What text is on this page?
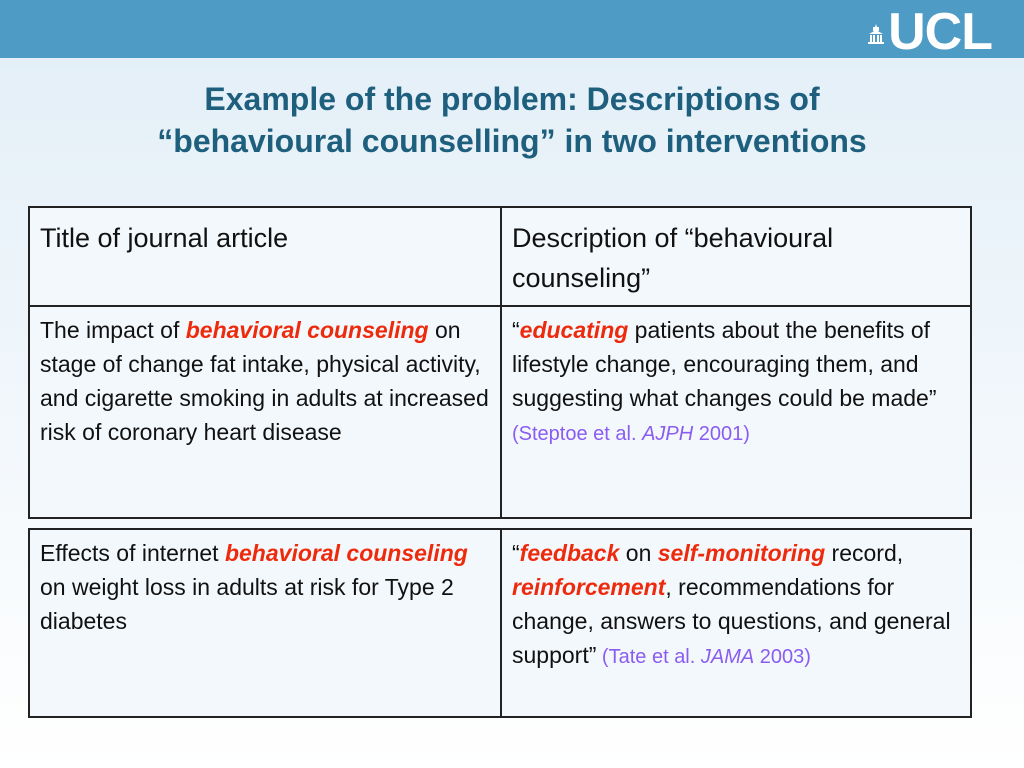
UCL
Example of the problem: Descriptions of
“behavioural counselling” in two interventions
Title of journal article	Description of “behavioural counseling”
The impact of behavioral counseling on stage of change fat intake, physical activity, and cigarette smoking in adults at increased risk of coronary heart disease	“educating patients about the benefits of lifestyle change, encouraging them, and suggesting what changes could be made”
(Steptoe et al. AJPH 2001)
Effects of internet behavioral counseling on weight loss in adults at risk for Type 2 diabetes	“feedback on self-monitoring record, reinforcement, recommendations for change, answers to questions, and general support” (Tate et al. JAMA 2003)
